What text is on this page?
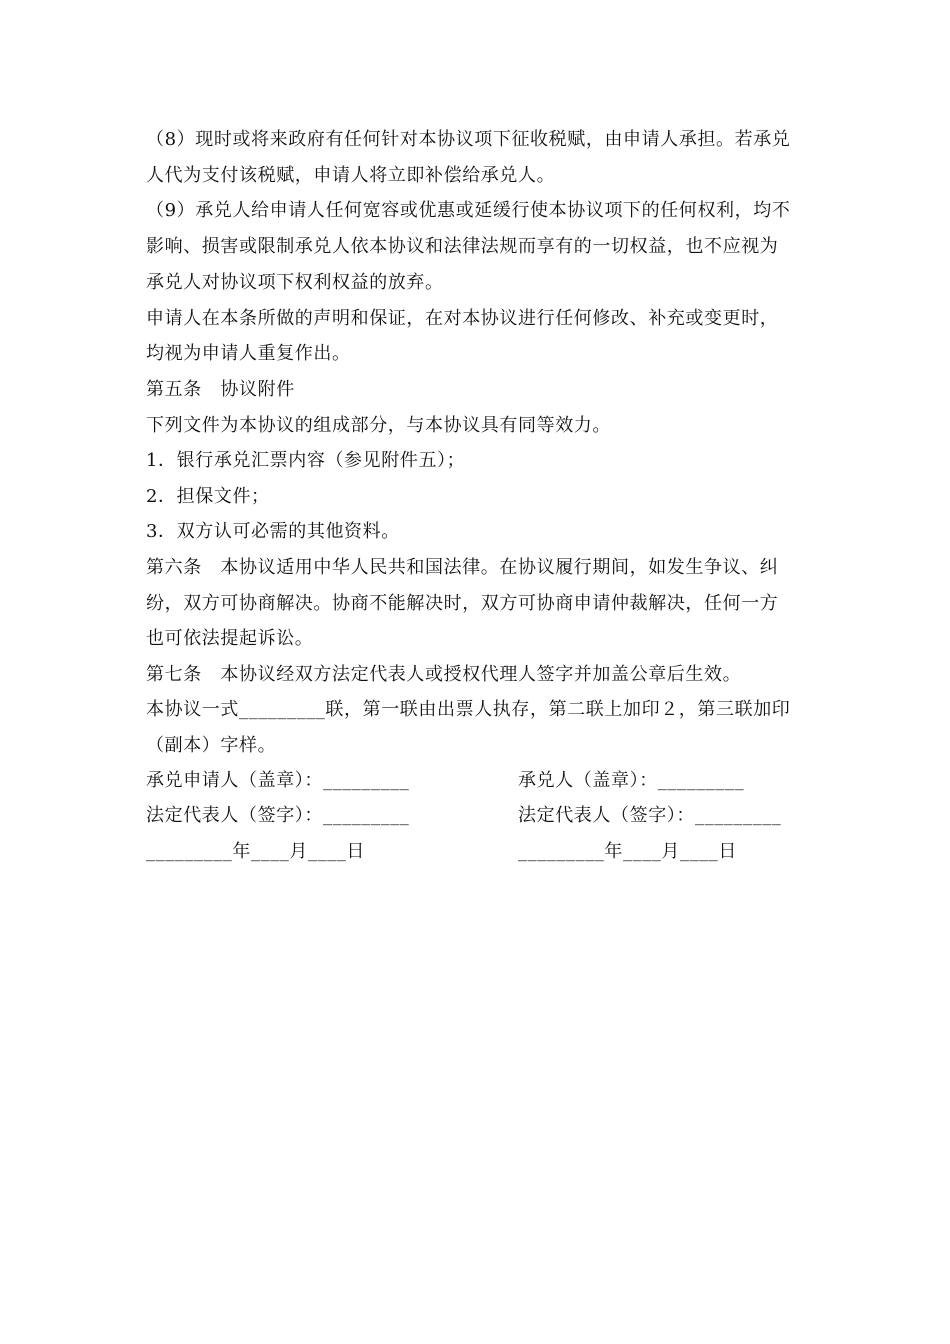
（8）现时或将来政府有任何针对本协议项下征收税赋，由申请人承担。若承兑
人代为支付该税赋，申请人将立即补偿给承兑人。
（9）承兑人给申请人任何宽容或优惠或延缓行使本协议项下的任何权利，均不
影响、损害或限制承兑人依本协议和法律法规而享有的一切权益，也不应视为
承兑人对协议项下权利权益的放弃。
申请人在本条所做的声明和保证，在对本协议进行任何修改、补充或变更时，
均视为申请人重复作出。
第五条　协议附件
下列文件为本协议的组成部分，与本协议具有同等效力。
1．银行承兑汇票内容（参见附件五）；
2．担保文件；
3．双方认可必需的其他资料。
第六条　本协议适用中华人民共和国法律。在协议履行期间，如发生争议、纠
纷，双方可协商解决。协商不能解决时，双方可协商申请仲裁解决，任何一方
也可依法提起诉讼。
第七条　本协议经双方法定代表人或授权代理人签字并加盖公章后生效。
本协议一式_________联，第一联由出票人执存，第二联上加印２，第三联加印
（副本）字样。
承兑申请人（盖章）：_________	承兑人（盖章）：_________
法定代表人（签字）：_________	法定代表人（签字）：_________
_________年____月____日	_________年____月____日
